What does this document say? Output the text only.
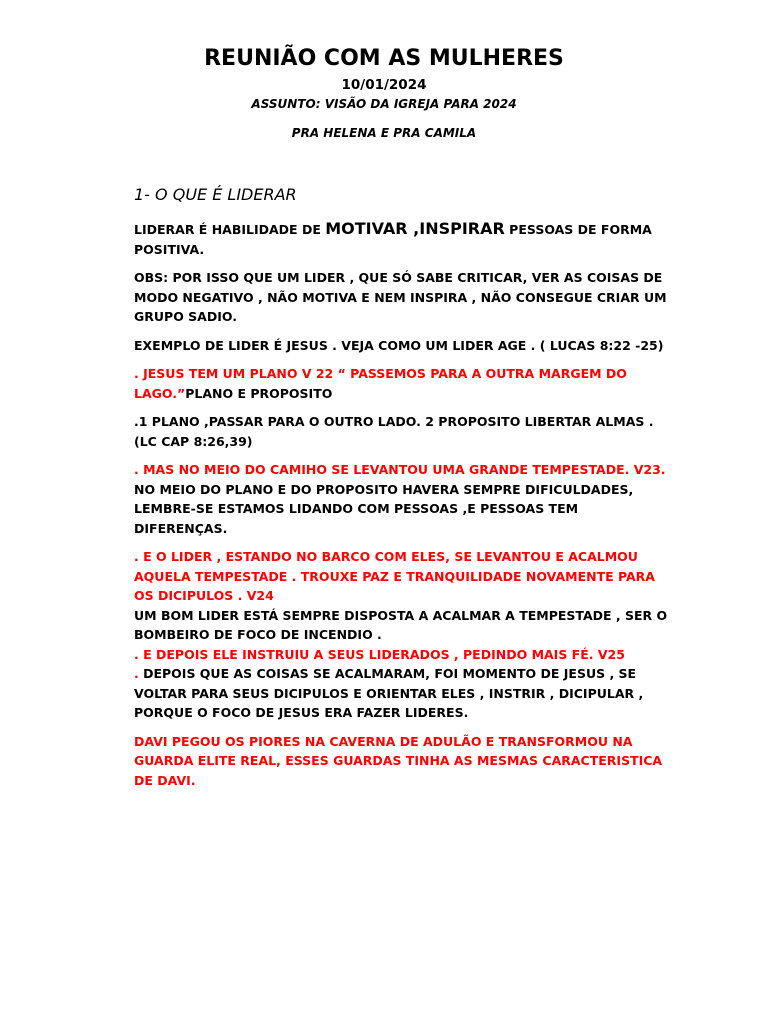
REUNIÃO COM AS MULHERES
10/01/2024
ASSUNTO: VISÃO DA IGREJA PARA 2024
PRA HELENA E PRA CAMILA
1- O QUE É LIDERAR

LIDERAR É HABILIDADE DE MOTIVAR ,INSPIRAR PESSOAS DE FORMA POSITIVA.

OBS: POR ISSO QUE UM LIDER , QUE SÓ SABE CRITICAR, VER AS COISAS DE MODO NEGATIVO , NÃO MOTIVA E NEM INSPIRA , NÃO CONSEGUE CRIAR UM GRUPO SADIO.

EXEMPLO DE LIDER É JESUS . VEJA COMO UM LIDER AGE . ( LUCAS 8:22 -25)

. JESUS TEM UM PLANO V 22 “ PASSEMOS PARA A OUTRA MARGEM DO LAGO.”PLANO E PROPOSITO

.1 PLANO ,PASSAR PARA O OUTRO LADO. 2 PROPOSITO LIBERTAR ALMAS .(LC CAP 8:26,39)

. MAS NO MEIO DO CAMIHO SE LEVANTOU UMA GRANDE TEMPESTADE. V23.
NO MEIO DO PLANO E DO PROPOSITO HAVERA SEMPRE DIFICULDADES, LEMBRE-SE ESTAMOS LIDANDO COM PESSOAS ,E PESSOAS TEM DIFERENÇAS.

. E O LIDER , ESTANDO NO BARCO COM ELES, SE LEVANTOU E ACALMOU AQUELA TEMPESTADE . TROUXE PAZ E TRANQUILIDADE NOVAMENTE PARA OS DICIPULOS . V24
UM BOM LIDER ESTÁ SEMPRE DISPOSTA A ACALMAR A TEMPESTADE , SER O BOMBEIRO DE FOCO DE INCENDIO .

. E DEPOIS ELE INSTRUIU A SEUS LIDERADOS , PEDINDO MAIS FÉ. V25
. DEPOIS QUE AS COISAS SE ACALMARAM, FOI MOMENTO DE JESUS , SE VOLTAR PARA SEUS DICIPULOS E ORIENTAR ELES , INSTRIR , DICIPULAR , PORQUE O FOCO DE JESUS ERA FAZER LIDERES.

DAVI PEGOU OS PIORES NA CAVERNA DE ADULÃO E TRANSFORMOU NA GUARDA ELITE REAL, ESSES GUARDAS TINHA AS MESMAS CARACTERISTICA DE DAVI.
